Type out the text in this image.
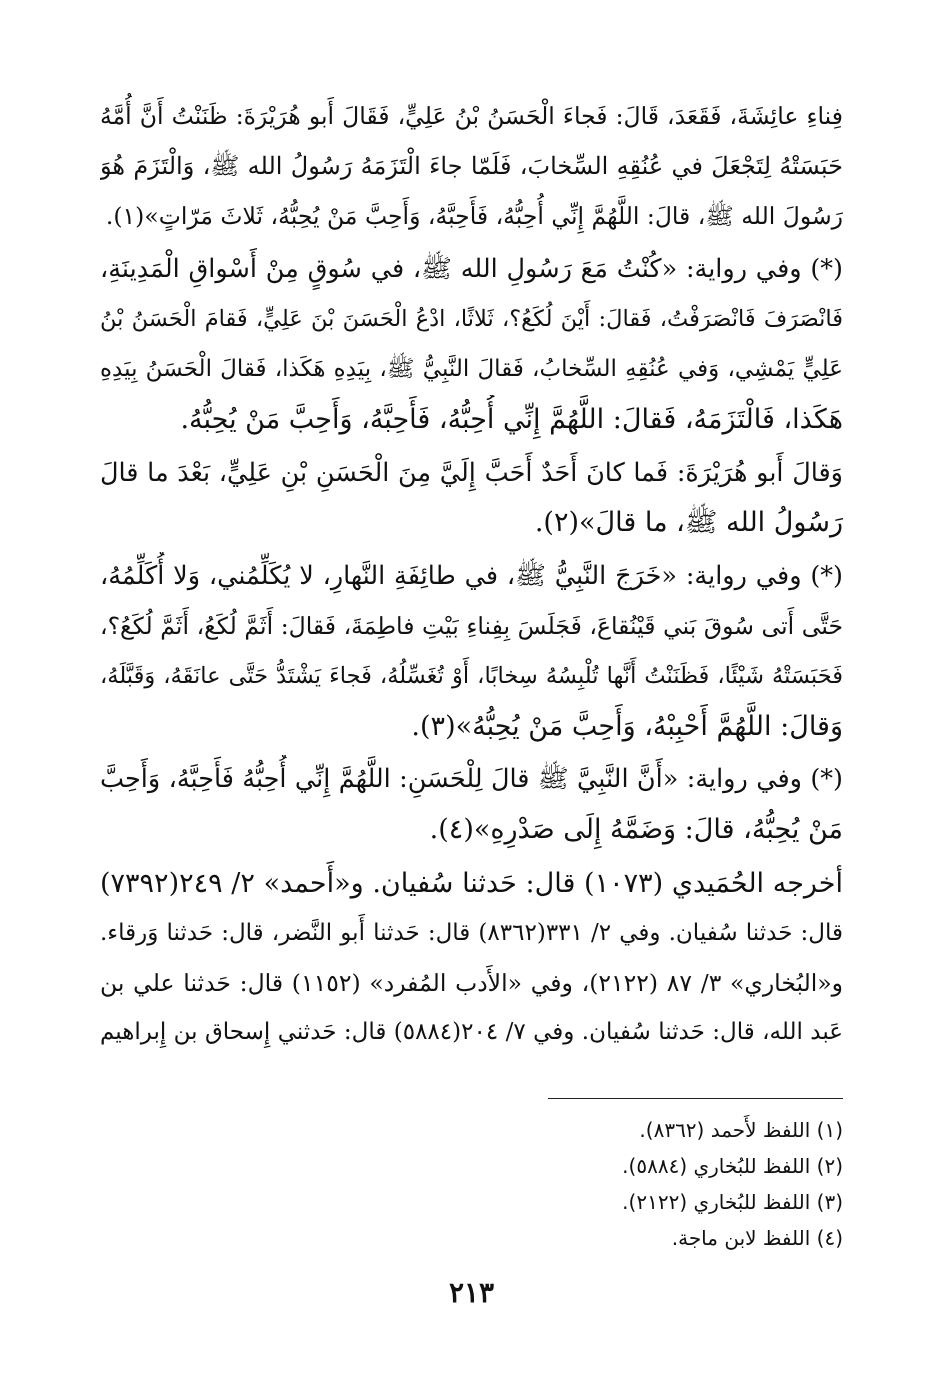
فِناءِ عائِشَةَ، فَقَعَدَ، قَالَ: فَجاءَ الْحَسَنُ بْنُ عَلِيٍّ، فَقَالَ أَبو هُرَيْرَةَ: ظَنَنْتُ أَنَّ أُمَّهُ
حَبَسَتْهُ لِتَجْعَلَ في عُنُقِهِ السِّخابَ، فَلَمّا جاءَ الْتَزَمَهُ رَسُولُ الله ﷺ، وَالْتَزَمَ هُوَ
رَسُولَ الله ﷺ، قالَ: اللَّهُمَّ إِنِّي أُحِبُّهُ، فَأَحِبَّهُ، وَأَحِبَّ مَنْ يُحِبُّهُ، ثَلاثَ مَرّاتٍ»(١).
(*) وفي رواية: «كُنْتُ مَعَ رَسُولِ الله ﷺ، في سُوقٍ مِنْ أَسْواقِ الْمَدِينَةِ،
فَانْصَرَفَ فَانْصَرَفْتُ، فَقالَ: أَيْنَ لُكَعُ؟، ثَلاثًا، ادْعُ الْحَسَنَ بْنَ عَلِيٍّ، فَقامَ الْحَسَنُ بْنُ
عَلِيٍّ يَمْشِي، وَفي عُنُقِهِ السِّخابُ، فَقالَ النَّبِيُّ ﷺ، بِيَدِهِ هَكَذا، فَقالَ الْحَسَنُ بِيَدِهِ
هَكَذا، فَالْتَزَمَهُ، فَقالَ: اللَّهُمَّ إِنِّي أُحِبُّهُ، فَأَحِبَّهُ، وَأَحِبَّ مَنْ يُحِبُّهُ.
وَقالَ أَبو هُرَيْرَةَ: فَما كانَ أَحَدٌ أَحَبَّ إِلَيَّ مِنَ الْحَسَنِ بْنِ عَلِيٍّ، بَعْدَ ما قالَ
رَسُولُ الله ﷺ، ما قالَ»(٢).
(*) وفي رواية: «خَرَجَ النَّبِيُّ ﷺ، في طائِفَةِ النَّهارِ، لا يُكَلِّمُني، وَلا أُكَلِّمُهُ،
حَتَّى أَتى سُوقَ بَني قَيْنُقاعَ، فَجَلَسَ بِفِناءِ بَيْتِ فاطِمَةَ، فَقالَ: أَثَمَّ لُكَعُ، أَثَمَّ لُكَعُ؟،
فَحَبَسَتْهُ شَيْئًا، فَظَنَنْتُ أَنَّها تُلْبِسُهُ سِخابًا، أَوْ تُغَسِّلُهُ، فَجاءَ يَشْتَدُّ حَتَّى عانَقَهُ، وَقَبَّلَهُ،
وَقالَ: اللَّهُمَّ أَحْبِبْهُ، وَأَحِبَّ مَنْ يُحِبُّهُ»(٣).
(*) وفي رواية: «أَنَّ النَّبِيَّ ﷺ قالَ لِلْحَسَنِ: اللَّهُمَّ إِنِّي أُحِبُّهُ فَأَحِبَّهُ، وَأَحِبَّ
مَنْ يُحِبُّهُ، قالَ: وَضَمَّهُ إِلَى صَدْرِهِ»(٤).
أخرجه الحُمَيدي (١٠٧٣) قال: حَدثنا سُفيان. و«أَحمد» ٢/ ٢٤٩(٧٣٩٢)
قال: حَدثنا سُفيان. وفي ٢/ ٣٣١(٨٣٦٢) قال: حَدثنا أَبو النَّضر، قال: حَدثنا وَرقاء.
و«البُخاري» ٣/ ٨٧ (٢١٢٢)، وفي «الأَدب المُفرد» (١١٥٢) قال: حَدثنا علي بن
عَبد الله، قال: حَدثنا سُفيان. وفي ٧/ ٢٠٤(٥٨٨٤) قال: حَدثني إِسحاق بن إِبراهيم
(١) اللفظ لأَحمد (٨٣٦٢).
(٢) اللفظ للبُخاري (٥٨٨٤).
(٣) اللفظ للبُخاري (٢١٢٢).
(٤) اللفظ لابن ماجة.
٢١٣
